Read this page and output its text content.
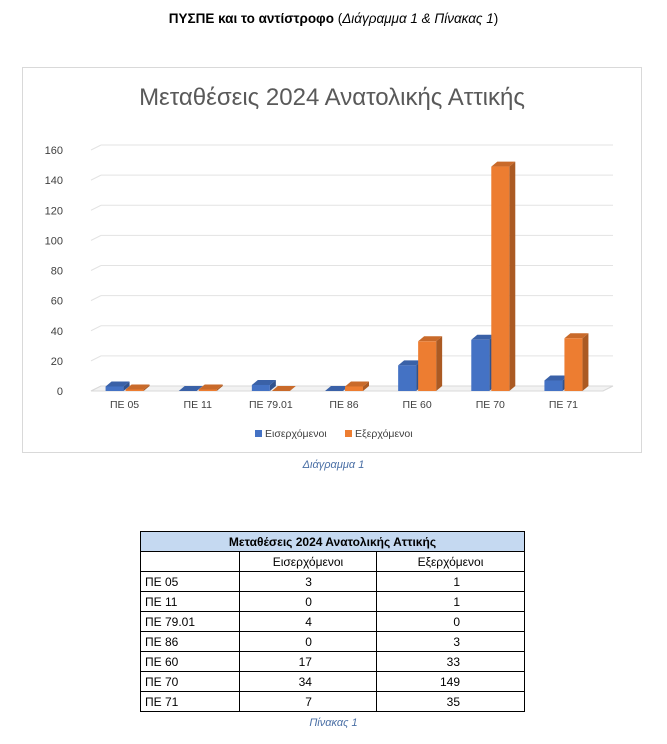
ΠΥΣΠΕ και το αντίστροφο (Διάγραμμα 1 & Πίνακας 1)
Μεταθέσεις 2024 Ανατολικής Αττικής
0
20
40
60
80
100
120
140
160
ΠΕ 05	ΠΕ 11	ΠΕ 79.01	ΠΕ 86	ΠΕ 60	ΠΕ 70	ΠΕ 71
Εισερχόμενοι	Εξερχόμενοι
Διάγραμμα 1
Μεταθέσεις 2024 Ανατολικής Αττικής		
	Εισερχόμενοι	Εξερχόμενοι
ΠΕ 05	3	1
ΠΕ 11	0	1
ΠΕ 79.01	4	0
ΠΕ 86	0	3
ΠΕ 60	17	33
ΠΕ 70	34	149
ΠΕ 71	7	35
Πίνακας 1
